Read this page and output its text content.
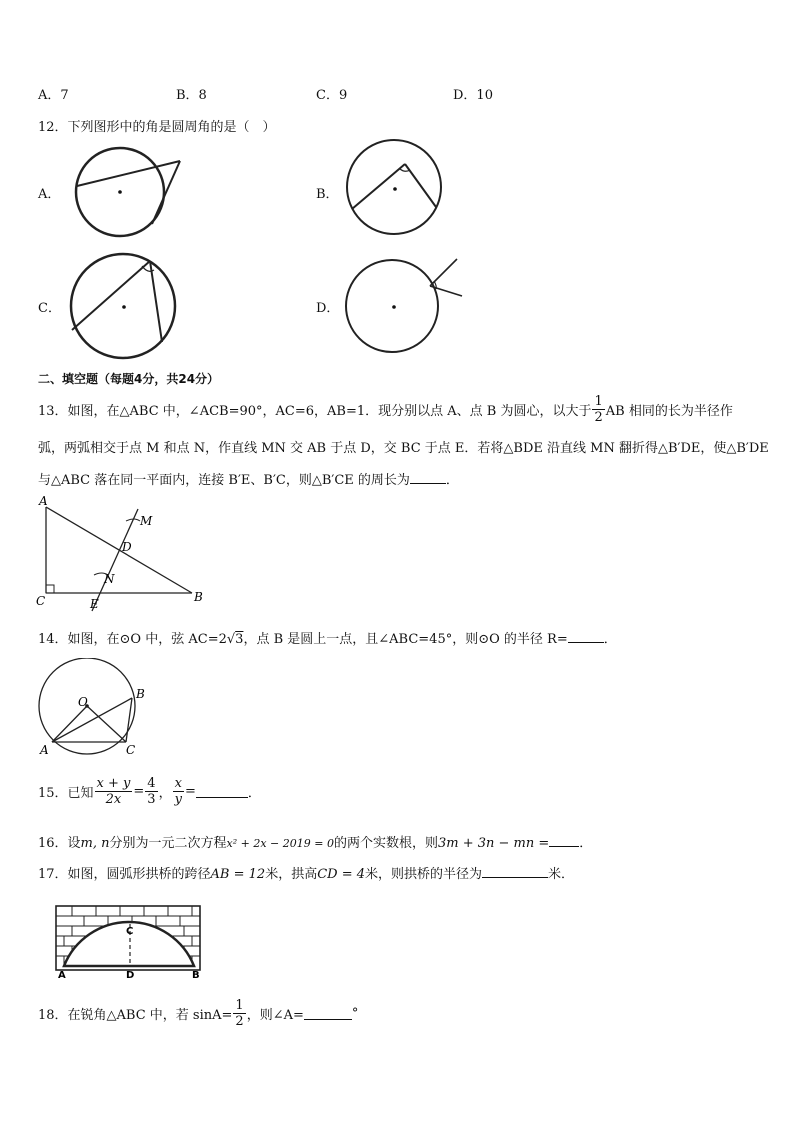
A．7	B．8	C．9	D．10
12．下列图形中的角是圆周角的是（　）
A．	B．
C．	D．
二、填空题（每题4分，共24分）
13．如图，在△ABC 中，∠ACB=90°，AC=6，AB=1．现分别以点 A、点 B 为圆心，以大于 $\frac{1}{2}$ AB 相同的长为半径作
弧，两弧相交于点 M 和点 N，作直线 MN 交 AB 于点 D，交 BC 于点 E．若将△BDE 沿直线 MN 翻折得△B′DE，使△B′DE
与△ABC 落在同一平面内，连接 B′E、B′C，则△B′CE 的周长为	．
A
B
C
D
E
M
N
14．如图，在⊙O 中，弦 AC=2√3，点 B 是圆上一点，且∠ABC=45°，则⊙O 的半径 R=	．
O
A
B
C
15．已知 $\frac{x + y}{2x} = \frac{4}{3}$ ， $\frac{x}{y}$ =	．
16．设m, n分别为一元二次方程x² + 2x − 2019 = 0的两个实数根，则3m + 3n − mn = ．
17．如图，圆弧形拱桥的跨径AB = 12米，拱高CD = 4米，则拱桥的半径为	米．
A	B
C
D
18．在锐角△ABC 中，若 $\sin A= \frac{1}{2}$ ，则∠A=	°
